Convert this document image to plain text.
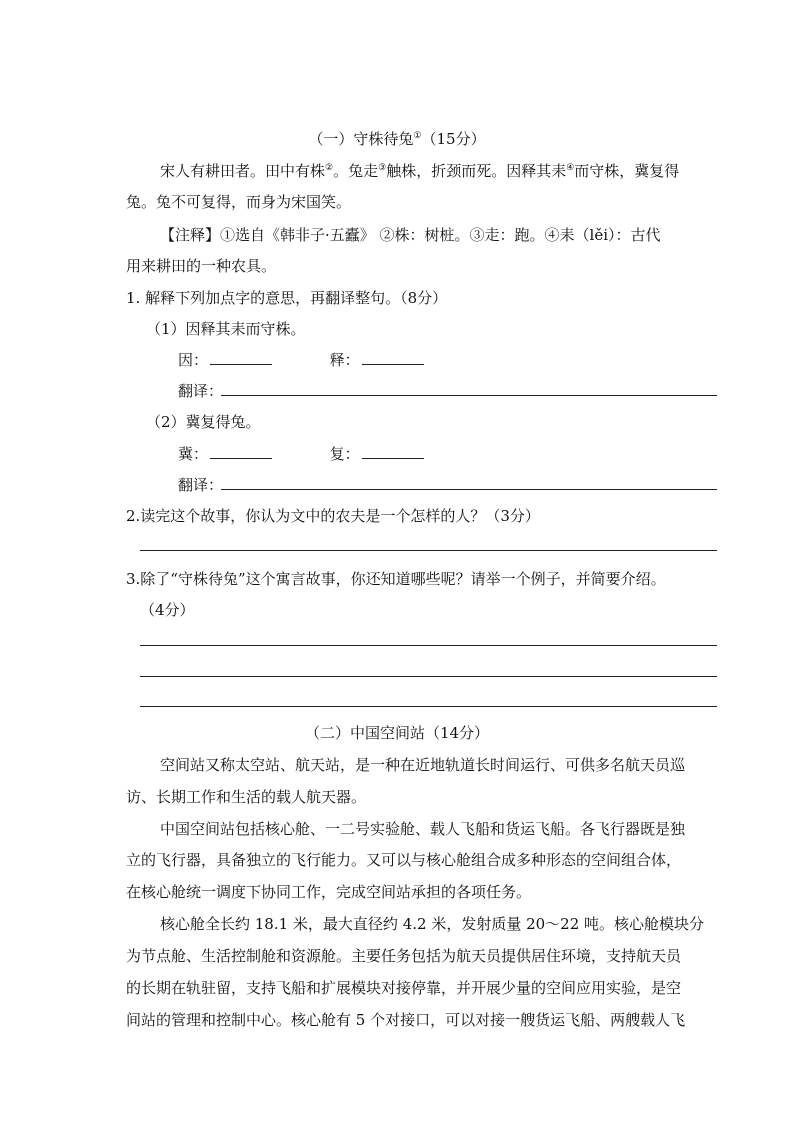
（一）守株待兔①（15分）
宋人有耕田者。田中有株②。兔走③触株，折颈而死。因释其耒④而守株，冀复得
兔。兔不可复得，而身为宋国笑。
【注释】①选自《韩非子·五蠹》 ②株：树桩。③走：跑。④耒（lěi）：古代
用来耕田的一种农具。
1. 解释下列加点字的意思，再翻译整句。（8分）
（1）因释其耒而守株。
因：	释：
翻译：
（2）冀复得兔。
冀：	复：
翻译：
2.读完这个故事，你认为文中的农夫是一个怎样的人？（3分）
3.除了“守株待兔”这个寓言故事，你还知道哪些呢？请举一个例子，并简要介绍。
（4分）
（二）中国空间站（14分）
空间站又称太空站、航天站，是一种在近地轨道长时间运行、可供多名航天员巡
访、长期工作和生活的载人航天器。
中国空间站包括核心舱、一二号实验舱、载人飞船和货运飞船。各飞行器既是独
立的飞行器，具备独立的飞行能力。又可以与核心舱组合成多种形态的空间组合体，
在核心舱统一调度下协同工作，完成空间站承担的各项任务。
核心舱全长约 18.1 米，最大直径约 4.2 米，发射质量 20～22 吨。核心舱模块分
为节点舱、生活控制舱和资源舱。主要任务包括为航天员提供居住环境，支持航天员
的长期在轨驻留，支持飞船和扩展模块对接停靠，并开展少量的空间应用实验，是空
间站的管理和控制中心。核心舱有 5 个对接口，可以对接一艘货运飞船、两艘载人飞
